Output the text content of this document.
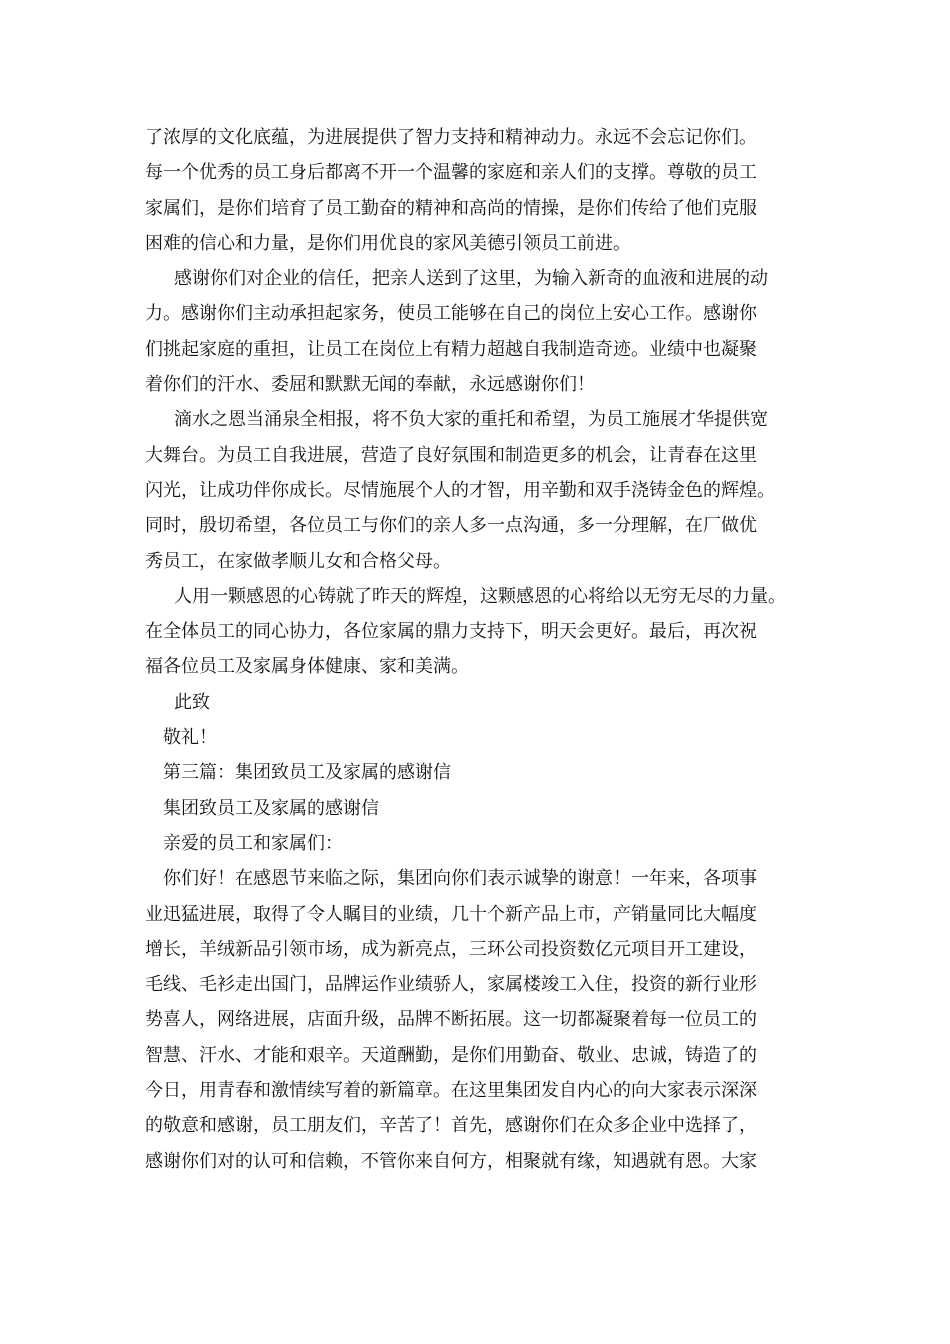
了浓厚的文化底蕴，为进展提供了智力支持和精神动力。永远不会忘记你们。
每一个优秀的员工身后都离不开一个温馨的家庭和亲人们的支撑。尊敬的员工
家属们，是你们培育了员工勤奋的精神和高尚的情操，是你们传给了他们克服
困难的信心和力量，是你们用优良的家风美德引领员工前进。
感谢你们对企业的信任，把亲人送到了这里，为输入新奇的血液和进展的动
力。感谢你们主动承担起家务，使员工能够在自己的岗位上安心工作。感谢你
们挑起家庭的重担，让员工在岗位上有精力超越自我制造奇迹。业绩中也凝聚
着你们的汗水、委屈和默默无闻的奉献，永远感谢你们！
滴水之恩当涌泉全相报，将不负大家的重托和希望，为员工施展才华提供宽
大舞台。为员工自我进展，营造了良好氛围和制造更多的机会，让青春在这里
闪光，让成功伴你成长。尽情施展个人的才智，用辛勤和双手浇铸金色的辉煌。
同时，殷切希望，各位员工与你们的亲人多一点沟通，多一分理解，在厂做优
秀员工，在家做孝顺儿女和合格父母。
人用一颗感恩的心铸就了昨天的辉煌，这颗感恩的心将给以无穷无尽的力量。
在全体员工的同心协力，各位家属的鼎力支持下，明天会更好。最后，再次祝
福各位员工及家属身体健康、家和美满。
此致
敬礼！
第三篇：集团致员工及家属的感谢信
集团致员工及家属的感谢信
亲爱的员工和家属们：
你们好！在感恩节来临之际，集团向你们表示诚挚的谢意！一年来，各项事
业迅猛进展，取得了令人瞩目的业绩，几十个新产品上市，产销量同比大幅度
增长，羊绒新品引领市场，成为新亮点，三环公司投资数亿元项目开工建设，
毛线、毛衫走出国门，品牌运作业绩骄人，家属楼竣工入住，投资的新行业形
势喜人，网络进展，店面升级，品牌不断拓展。这一切都凝聚着每一位员工的
智慧、汗水、才能和艰辛。天道酬勤，是你们用勤奋、敬业、忠诚，铸造了的
今日，用青春和激情续写着的新篇章。在这里集团发自内心的向大家表示深深
的敬意和感谢，员工朋友们，辛苦了！首先，感谢你们在众多企业中选择了，
感谢你们对的认可和信赖，不管你来自何方，相聚就有缘，知遇就有恩。大家
